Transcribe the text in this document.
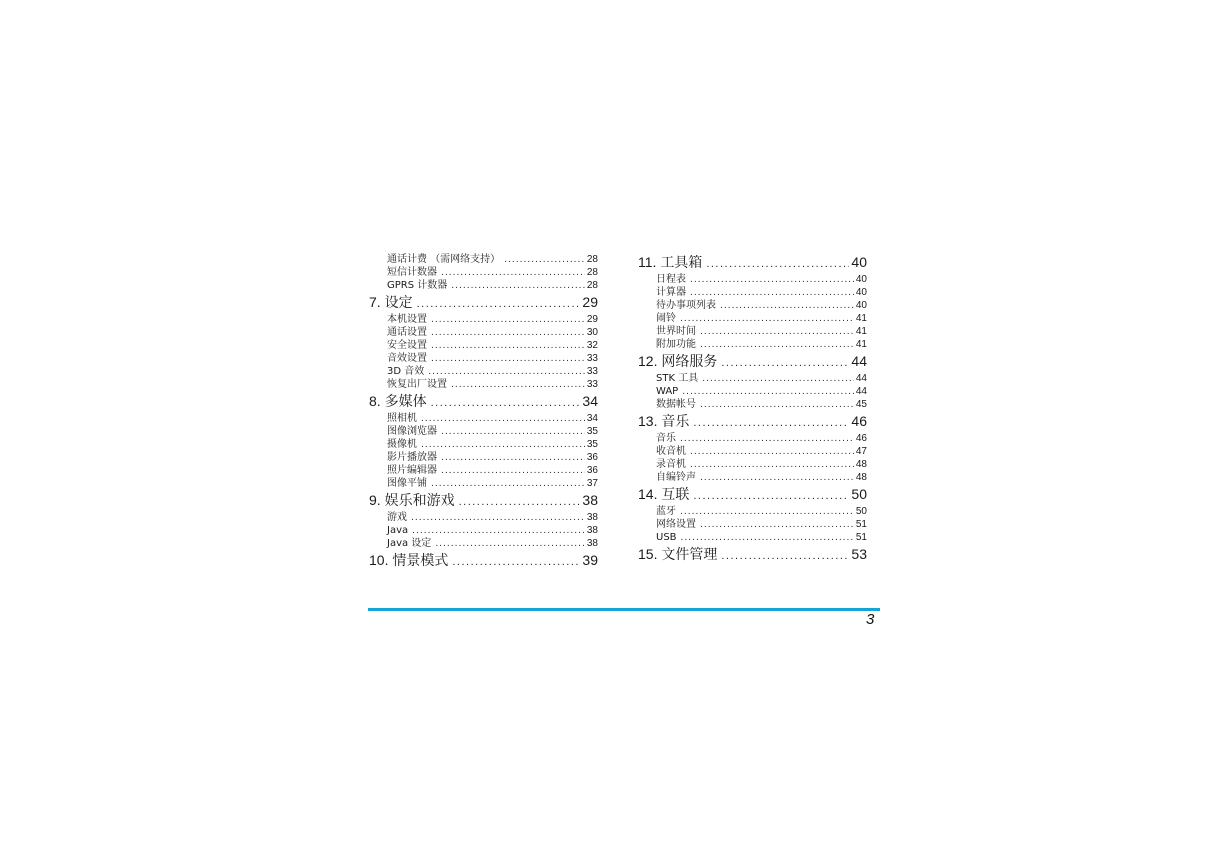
通话计费 （需网络支持） .....	28
短信计数器 .....	28
GPRS 计数器 .....	28
7. 设定 .....	29
本机设置 .....	29
通话设置 .....	30
安全设置 .....	32
音效设置 .....	33
3D 音效 .....	33
恢复出厂设置 .....	33
8. 多媒体 .....	34
照相机 .....	34
图像浏览器 .....	35
摄像机 .....	35
影片播放器 .....	36
照片编辑器 .....	36
图像平铺 .....	37
9. 娱乐和游戏 .....	38
游戏 .....	38
Java .....	38
Java 设定 .....	38
10. 情景模式 .....	39
11. 工具箱 .....	40
日程表 .....	40
计算器 .....	40
待办事项列表 .....	40
闹铃 .....	41
世界时间 .....	41
附加功能 .....	41
12. 网络服务 .....	44
STK 工具 .....	44
WAP .....	44
数据帐号 .....	45
13. 音乐 .....	46
音乐 .....	46
收音机 .....	47
录音机 .....	48
自编铃声 .....	48
14. 互联 .....	50
蓝牙 .....	50
网络设置 .....	51
USB .....	51
15. 文件管理 .....	53
3
